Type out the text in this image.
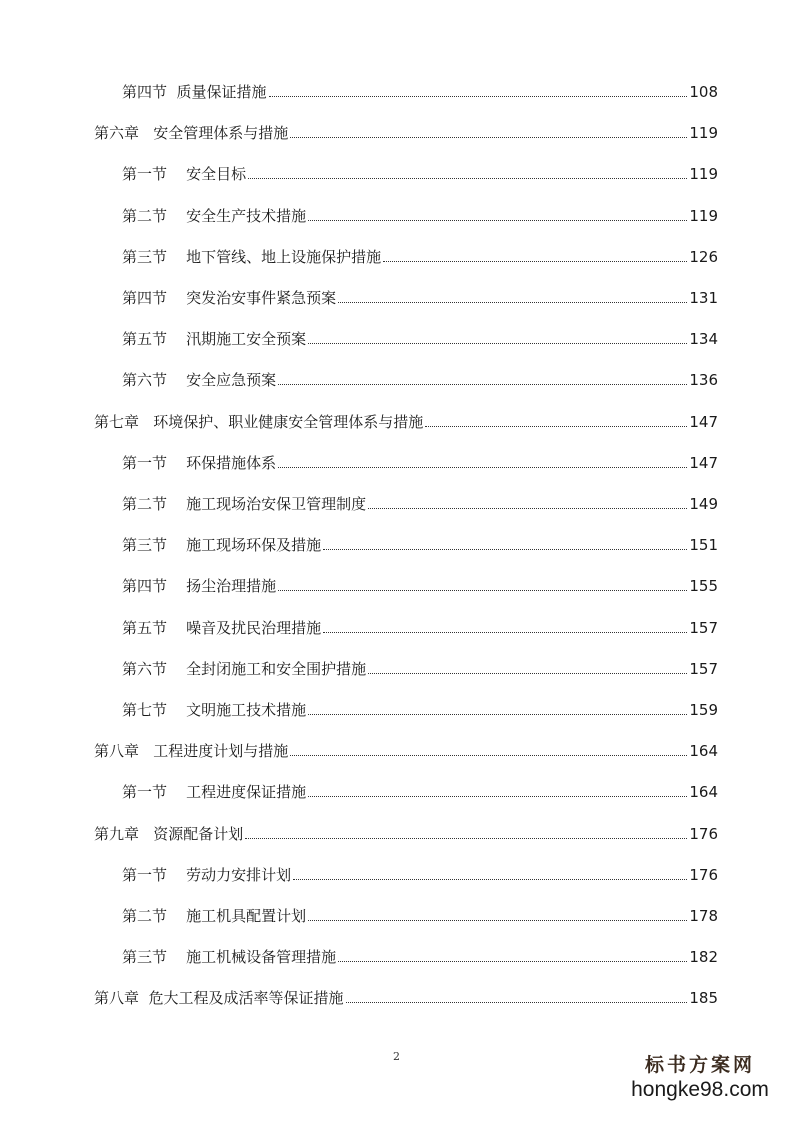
第四节  质量保证措施	108
第六章   安全管理体系与措施	119
第一节    安全目标	119
第二节    安全生产技术措施	119
第三节    地下管线、地上设施保护措施	126
第四节    突发治安事件紧急预案	131
第五节    汛期施工安全预案	134
第六节    安全应急预案	136
第七章   环境保护、职业健康安全管理体系与措施	147
第一节    环保措施体系	147
第二节    施工现场治安保卫管理制度	149
第三节    施工现场环保及措施	151
第四节    扬尘治理措施	155
第五节    噪音及扰民治理措施	157
第六节    全封闭施工和安全围护措施	157
第七节    文明施工技术措施	159
第八章   工程进度计划与措施	164
第一节    工程进度保证措施	164
第九章   资源配备计划	176
第一节    劳动力安排计划	176
第二节    施工机具配置计划	178
第三节    施工机械设备管理措施	182
第八章  危大工程及成活率等保证措施	185
2	标书方案网
hongke98.com
